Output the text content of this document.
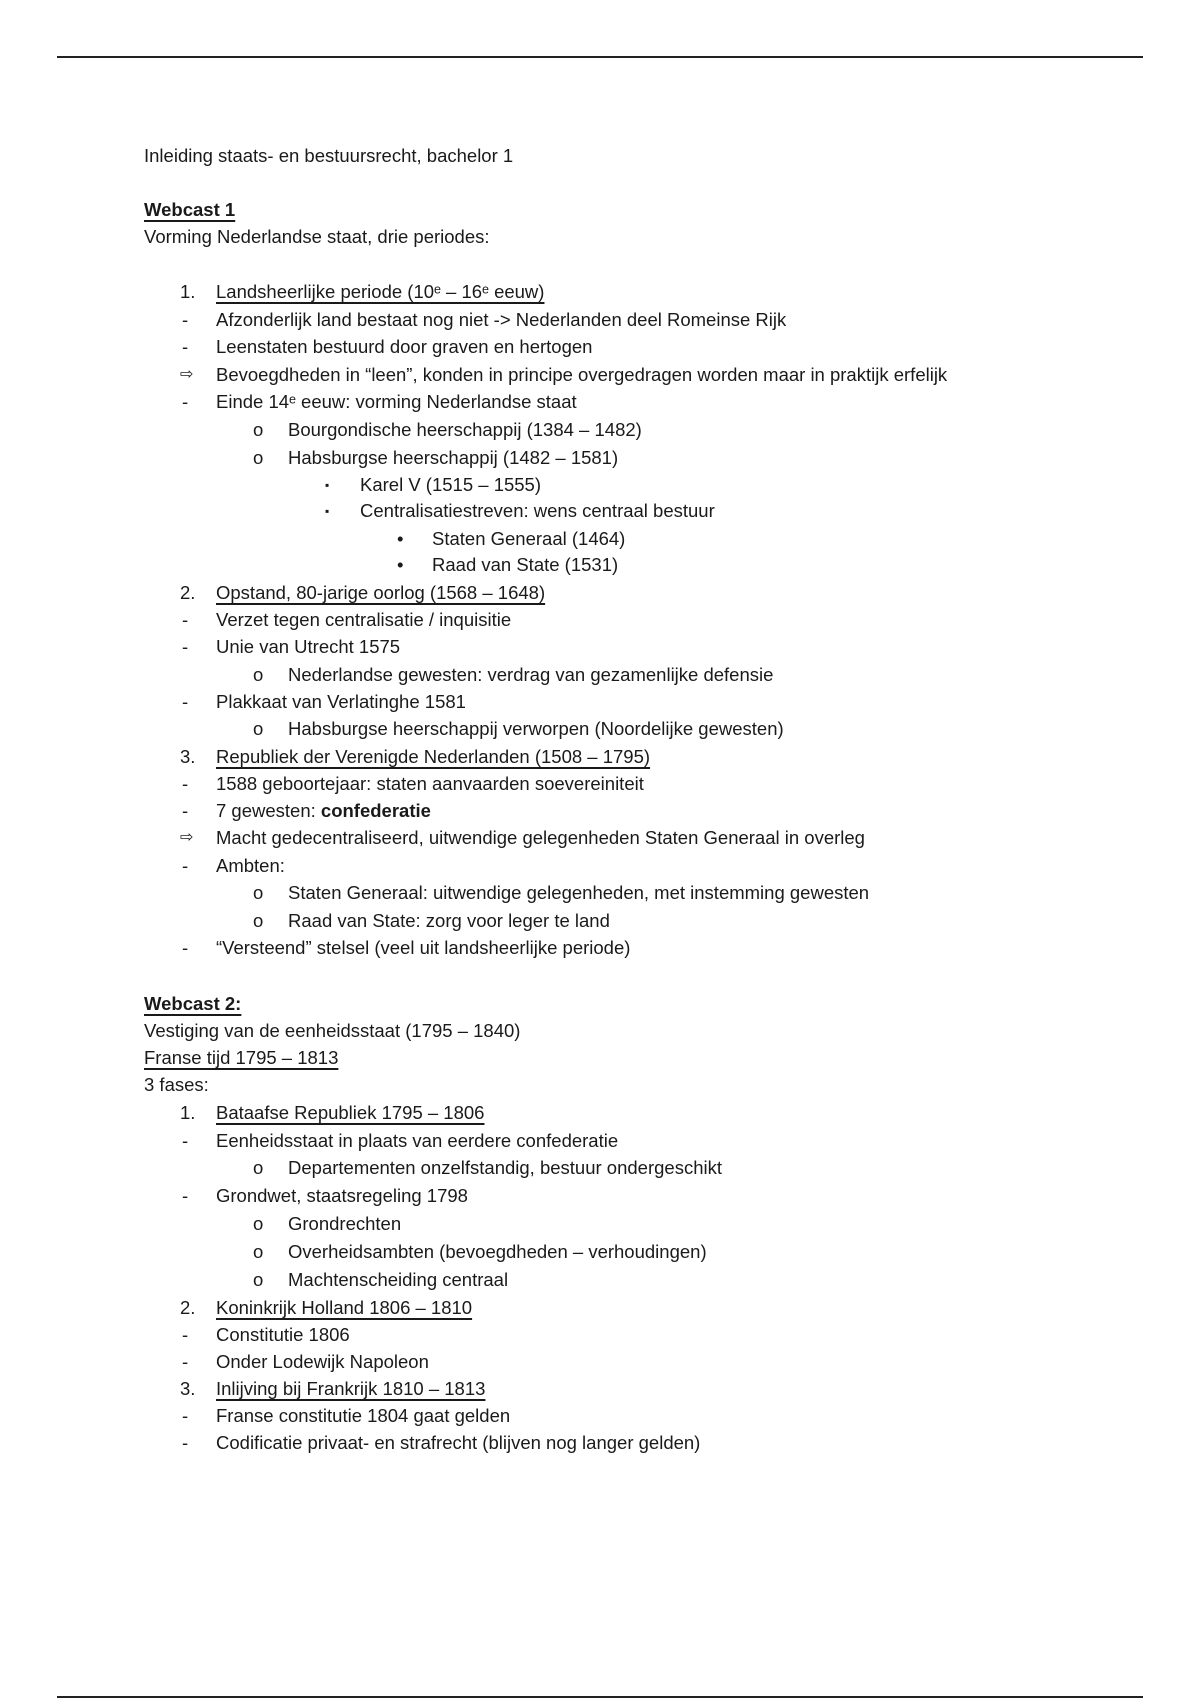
Inleiding staats- en bestuursrecht, bachelor 1
Webcast 1
Vorming Nederlandse staat, drie periodes:
1. Landsheerlijke periode (10ᵉ – 16ᵉ eeuw)
- Afzonderlijk land bestaat nog niet -> Nederlanden deel Romeinse Rijk
- Leenstaten bestuurd door graven en hertogen
⇨ Bevoegdheden in “leen”, konden in principe overgedragen worden maar in praktijk erfelijk
- Einde 14ᵉ eeuw: vorming Nederlandse staat
o Bourgondische heerschappij (1384 – 1482)
o Habsburgse heerschappij (1482 – 1581)
▪ Karel V (1515 – 1555)
▪ Centralisatiestreven: wens centraal bestuur
• Staten Generaal (1464)
• Raad van State (1531)
2. Opstand, 80-jarige oorlog (1568 – 1648)
- Verzet tegen centralisatie / inquisitie
- Unie van Utrecht 1575
o Nederlandse gewesten: verdrag van gezamenlijke defensie
- Plakkaat van Verlatinghe 1581
o Habsburgse heerschappij verworpen (Noordelijke gewesten)
3. Republiek der Verenigde Nederlanden (1508 – 1795)
- 1588 geboortejaar: staten aanvaarden soevereiniteit
- 7 gewesten: confederatie
⇨ Macht gedecentraliseerd, uitwendige gelegenheden Staten Generaal in overleg
- Ambten:
o Staten Generaal: uitwendige gelegenheden, met instemming gewesten
o Raad van State: zorg voor leger te land
- “Versteend” stelsel (veel uit landsheerlijke periode)
Webcast 2:
Vestiging van de eenheidsstaat (1795 – 1840)
Franse tijd 1795 – 1813
3 fases:
1. Bataafse Republiek 1795 – 1806
- Eenheidsstaat in plaats van eerdere confederatie
o Departementen onzelfstandig, bestuur ondergeschikt
- Grondwet, staatsregeling 1798
o Grondrechten
o Overheidsambten (bevoegdheden – verhoudingen)
o Machtenscheiding centraal
2. Koninkrijk Holland 1806 – 1810
- Constitutie 1806
- Onder Lodewijk Napoleon
3. Inlijving bij Frankrijk 1810 – 1813
- Franse constitutie 1804 gaat gelden
- Codificatie privaat- en strafrecht (blijven nog langer gelden)
